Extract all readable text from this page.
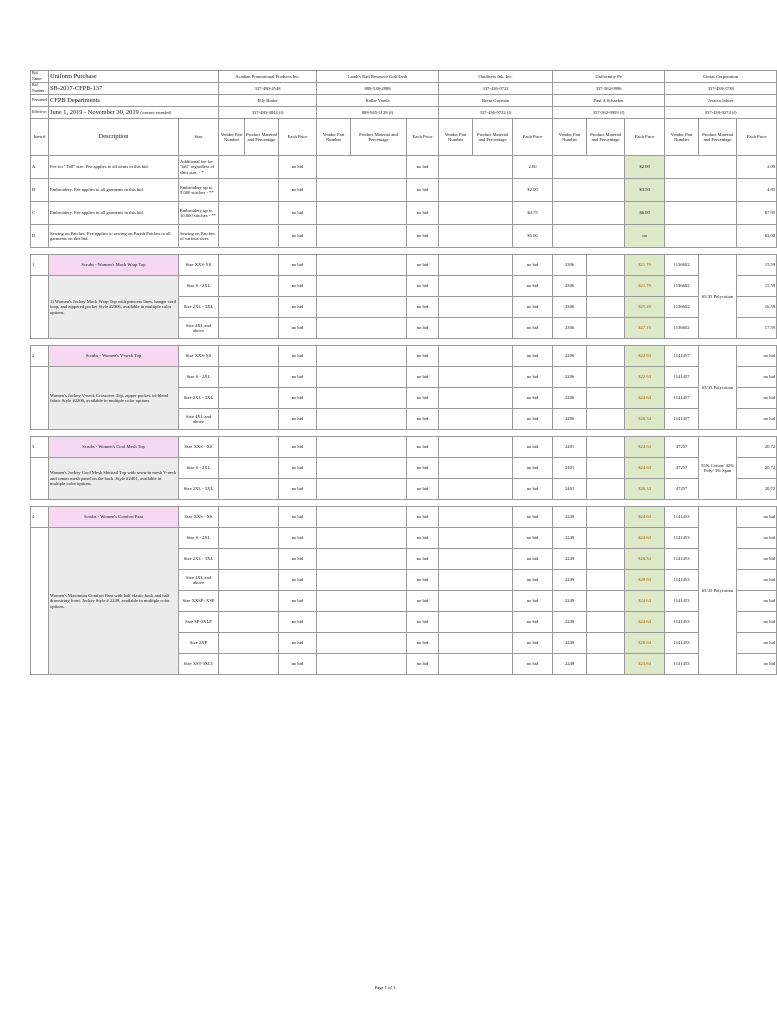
Bid Name:	Uniform Purchase		Acadian Promotional Products Inc.			Lamb's Bail Resource Gulf/Irish			Outfitters Ink, Inc.			Uniformity Pe			Cintas Corporation		
Bid Number:	SB-2017-CFPB-137		337-480-4548			888-538-2888			337-436-9722			337-562-9996			337-439-3738		
Personnel	CFPB Departments		Elly Broke			Kallie Varela			Brent Guyman			Paul A Schaelter			Jessica Jaliter		
Effective:	June 1, 2019 - November 30, 2019 (contract extended)		337-480-3844 (f)			888-945-1128 (f)			337-436-9722 (f)			337-562-9993 (f)			337-439-9274 (f)		
Item #	Description	Size	Vendor Part Number	Product Material and Percentage	Each Price	Vendor Part Number	Product Material and Percentage	Each Price	Vendor Part Number	Product Material and Percentage	Each Price	Vendor Part Number	Product Material and Percentage	Each Price	Vendor Part Number	Product Material and Percentage	Each Price
A	Fee for "Tall" size. Fee applies to all items in this bid.	Additional fee for "tall" regardless of shirt size. - *			no bid			no bid			2.00			$2.00			2.00
B	Embroidery. Fee applies to all garments in this bid.	Embroidery up to 5,000 stitches - **			no bid			no bid			$2.00			$3.50			4.95
C	Embroidery. Fee applies to all garments in this bid.	Embroidery up to 10,000 stitches - **			no bid			no bid			$4.75			$6.00			$7.95
D	Sewing on Patches. Fee applies to sewing on Parish Patches to all garments on this bid.	Sewing on Patches of various sizes			no bid			no bid			$5.00			na			$2.00

1	Scrubs - Women's Mock Wrap Top	Size XXS-XS			no bid			no bid			no bid	2306		$21.79	1136602	65/35 Polycotton	15.59
	1) Women's Jockey Mock Wrap Top with princess lines, banger cord loop, and zippered pocket Style #2306, available in multiple color options.	Size S - 2XL			no bid			no bid			no bid	2306		$21.79	1136602		15.59
		Size 2XL - 3XL			no bid			no bid			no bid	2306		$25.49	1136602		16.59
		Size 4XL and above			no bid			no bid			no bid	2306		$27.19	1136602		17.59

2	Scrubs - Women's V-neck Top	Size XXS-XS			no bid			no bid			no bid	2206		$22.94	1141457	65/35 Polycotton	no bid
	Women's Jockey V-neck Crossover Top, zipper pocket, tri-blend fabric Style #2206, available in multiple color options.	Size S - 2XL			no bid			no bid			no bid	2206		$22.94	1141457		no bid
		Size 2XL - 3XL			no bid			no bid			no bid	2206		$24.64	1141457		no bid
		Size 4XL and above			no bid			no bid			no bid	2206		$26.34	1141457		no bid

3	Scrubs - Women's Cool Mesh Top	Size XXS - XS			no bid			no bid			no bid	2401		$24.64	47257	55% Cotton/ 42% Poly/ 3% Span	20.72
	Women's Jockey Cool Mesh Shirttail Top with sewn-in mesh V-neck and center mesh panel on the back. Style #2401, available in multiple color options.	Size S - 2XL			no bid			no bid			no bid	2401		$24.64	47257		20.72
		Size 2XL - 3XL			no bid			no bid			no bid	2401		$26.34	47257		20.72

4	Scrubs - Women's Comfort Pant	Size XXS - XS			no bid			no bid			no bid	2249		$24.64	1141453	65/35 Polycotton	no bid
	Women's Maximum Comfort Pant with half elastic back and half drawstring front. Jockey Style # 2249, available in multiple color options.	Size S - 2XL			no bid			no bid			no bid	2249		$24.64	1141453		no bid
		Size 2XL - 3XL			no bid			no bid			no bid	2249		$26.34	1141453		no bid
		Size 4XL and above			no bid			no bid			no bid	2249		$28.04	1141453		no bid
		Size XXSP- XSP			no bid			no bid			no bid	2249		$24.64	1141453		no bid
		Size SP-3XLP			no bid			no bid			no bid	2249		$24.64	1141453		no bid
		Size 2XP			no bid			no bid			no bid	2249		$26.64	1141453		no bid
		Size XST-3XLT			no bid			no bid			no bid	2249		$24.64	1141453		no bid
Page 1 of 3
